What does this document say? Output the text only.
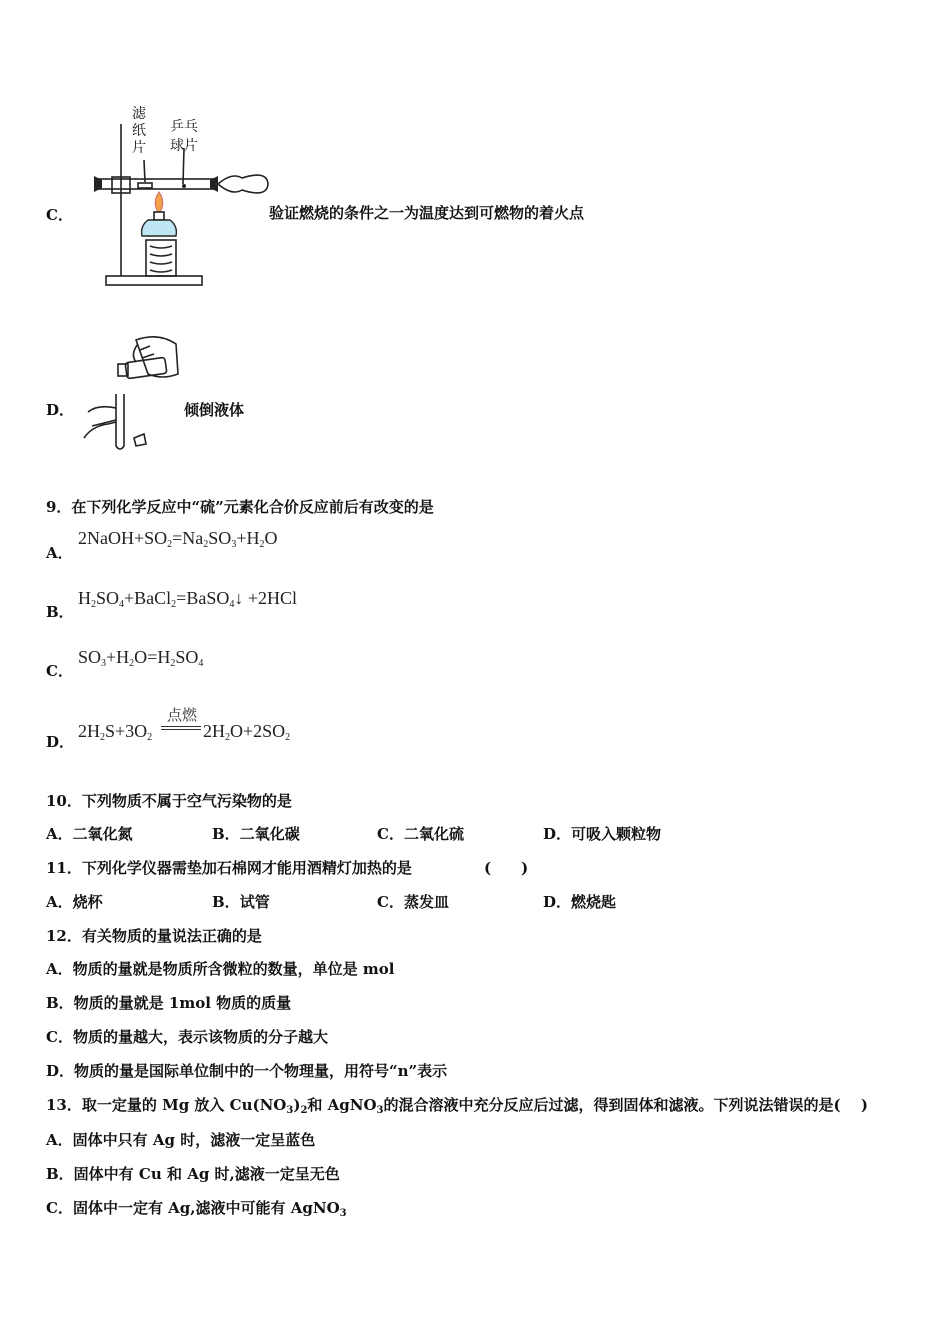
C．
滤
纸
片
乒乓
球片
验证燃烧的条件之一为温度达到可燃物的着火点
D．	倾倒液体
9．在下列化学反应中“硫”元素化合价反应前后有改变的是
A．
$2NaOH+SO_2=Na_2SO_3+H_2O$
B．
$H_2SO_4+BaCl_2=BaSO_4↓ +2HCl$
C．
$SO_3+H_2O=H_2SO_4$
D．
$2H_2S+3O_2$
点燃
$2H_2O+2SO_2$
10．下列物质不属于空气污染物的是
A．二氧化氮	B．二氧化碳	C．二氧化硫	D．可吸入颗粒物
11．下列化学仪器需垫加石棉网才能用酒精灯加热的是	(　　)
A．烧杯	B．试管	C．蒸发皿	D．燃烧匙
12．有关物质的量说法正确的是
A．物质的量就是物质所含微粒的数量，单位是 mol
B．物质的量就是 1mol 物质的质量
C．物质的量越大，表示该物质的分子越大
D．物质的量是国际单位制中的一个物理量，用符号“n”表示
13．取一定量的 Mg 放入 $Cu(NO_3)_2$和 AgNO$_3$的混合溶液中充分反应后过滤，得到固体和滤液。下列说法错误的是( 　)
A．固体中只有 Ag 时，滤液一定呈蓝色
B．固体中有 Cu 和 Ag 时,滤液一定呈无色
C．固体中一定有 Ag,滤液中可能有 AgNO$_3$
